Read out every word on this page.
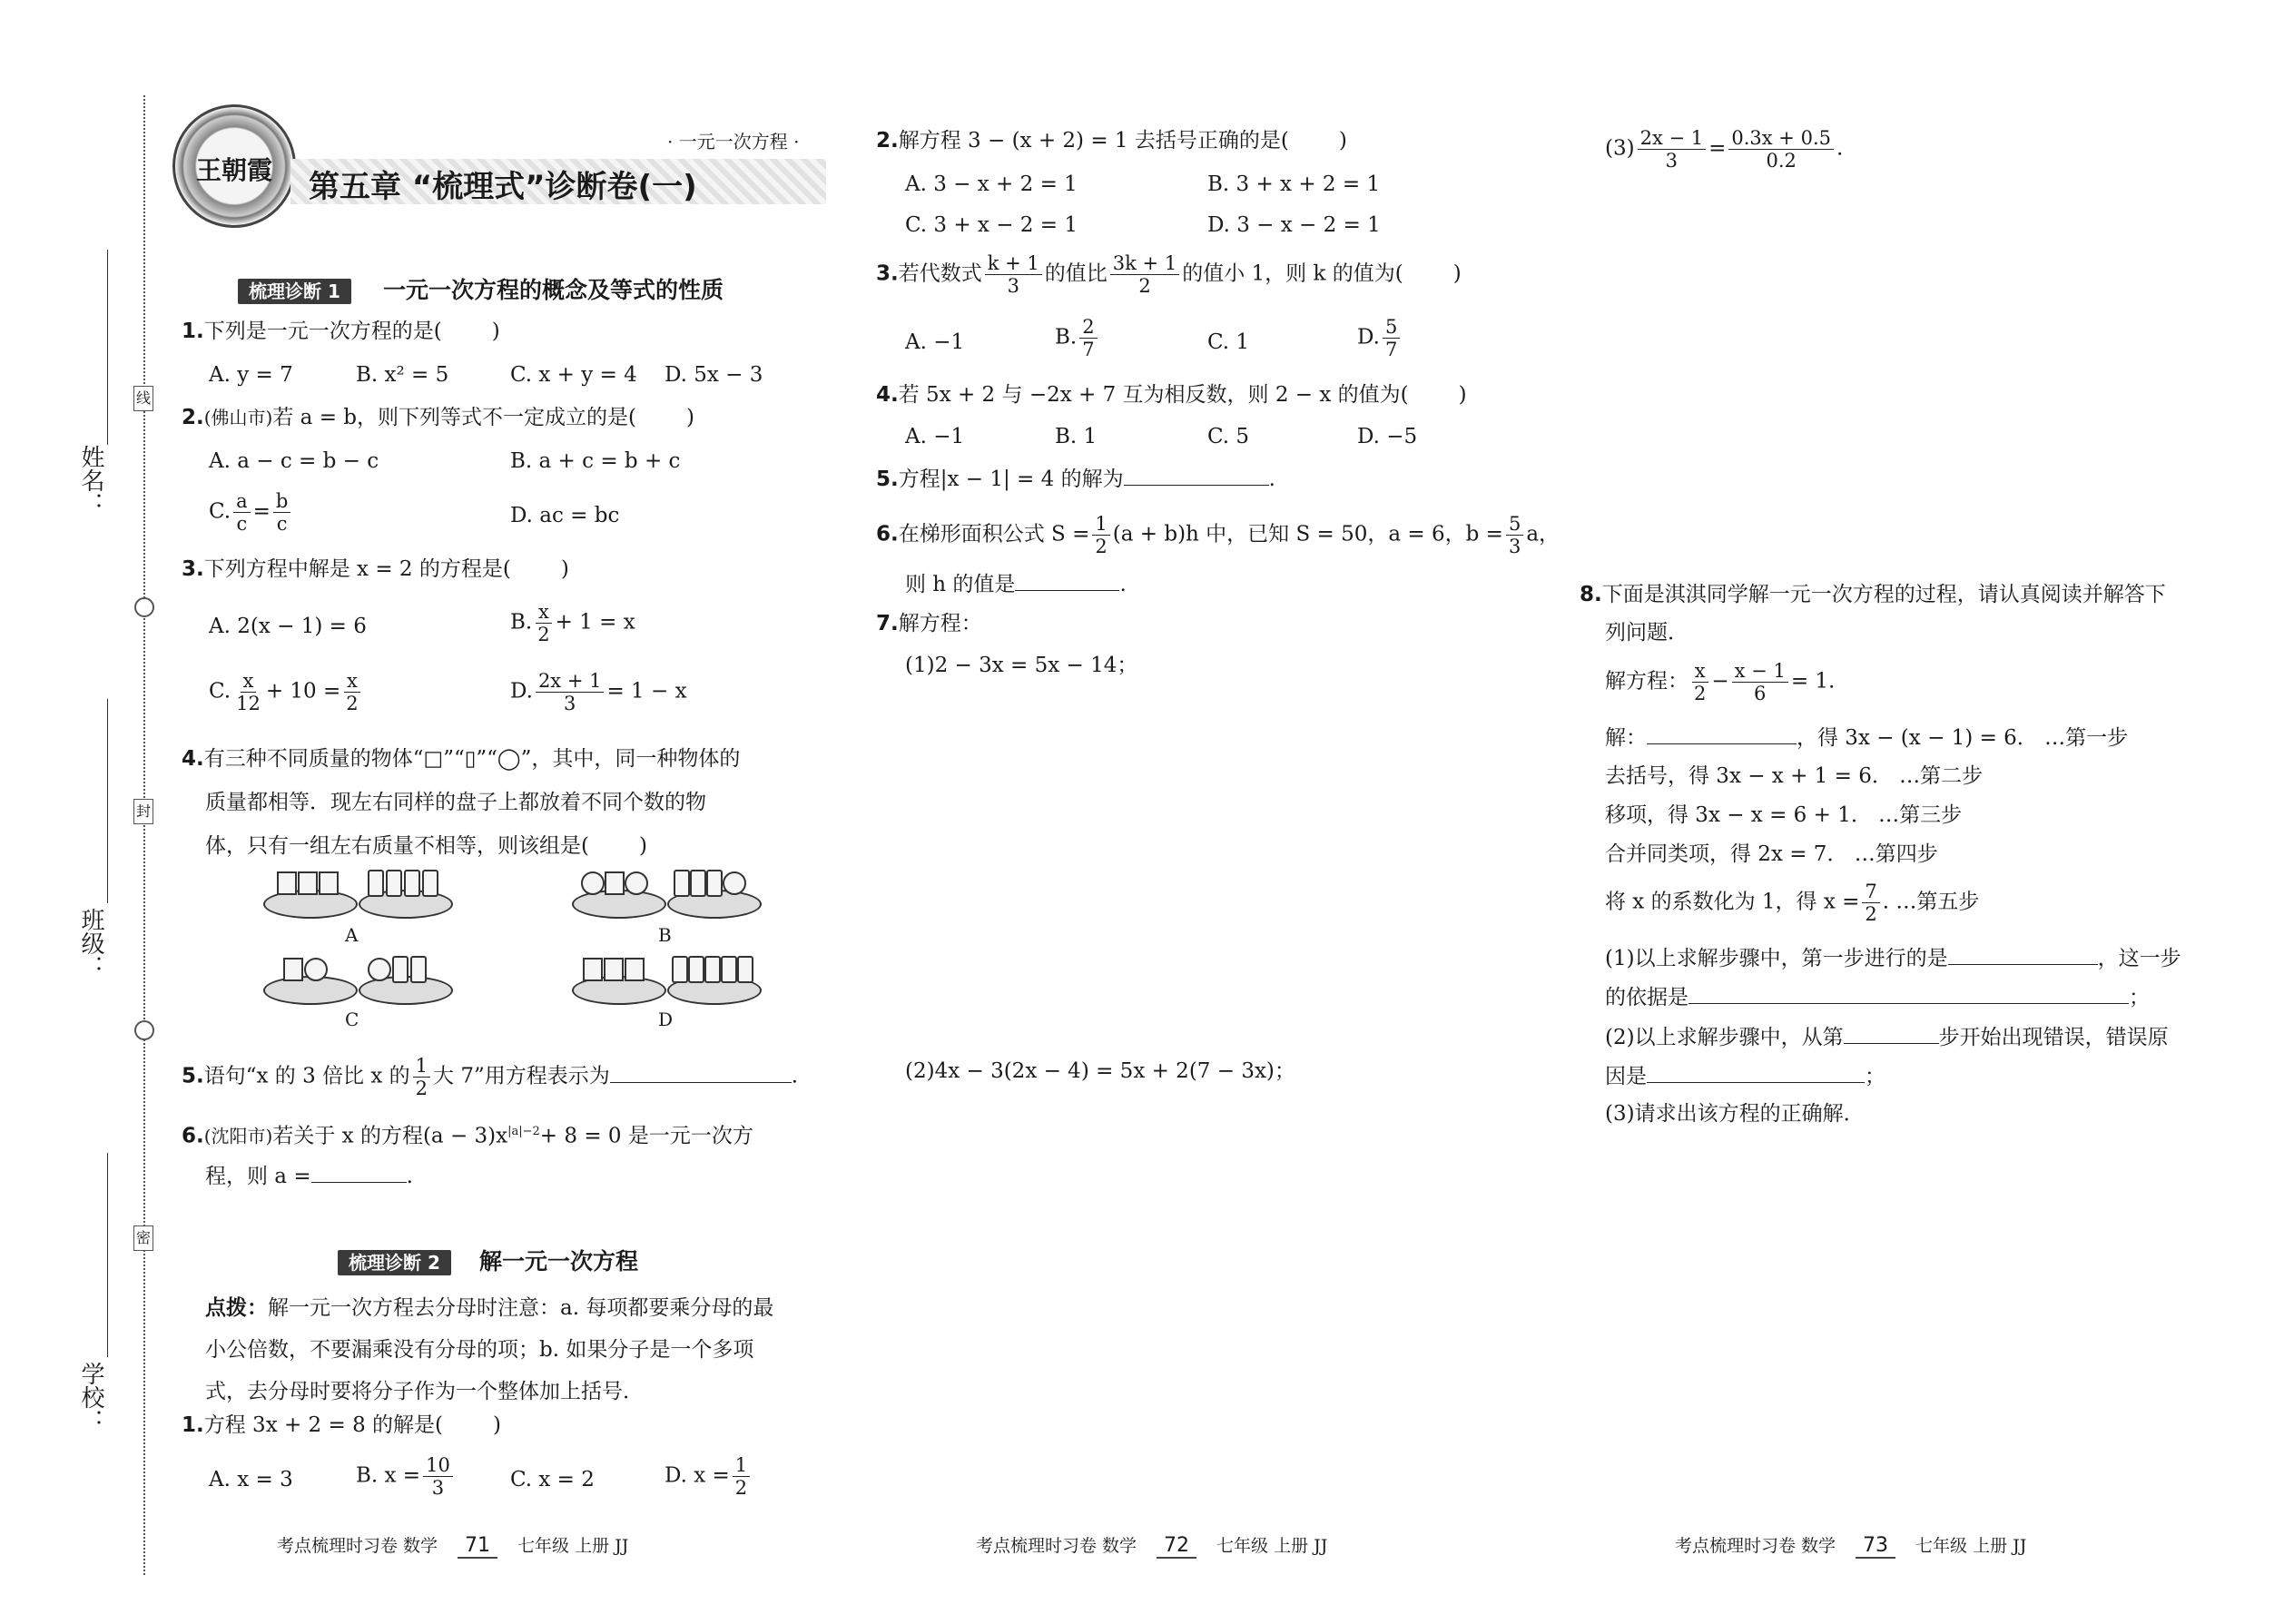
姓名：
班级：
学校：
线
封
密
王朝霞
· 一元一次方程 ·
第五章 “梳理式”诊断卷(一)
梳理诊断 1 一元一次方程的概念及等式的性质
1.下列是一元一次方程的是( )
A. y = 7	B. x² = 5	C. x + y = 4 D. 5x − 3
2.(佛山市)若 a = b，则下列等式不一定成立的是( )
A. a − c = b − c	B. a + c = b + c
C. $\frac{a}{c} = \frac{b}{c}$	D. ac = bc
3.下列方程中解是 x = 2 的方程是( )
A. 2(x − 1) = 6	B. $\frac{x}{2} + 1 = x$
C. $\frac{x}{12} + 10 = \frac{x}{2}$	D. $\frac{2x + 1}{3} = 1 - x$
4.有三种不同质量的物体“□”“▯”“◯”，其中，同一种物体的
质量都相等．现左右同样的盘子上都放着不同个数的物
体，只有一组左右质量不相等，则该组是( )
A	B
C	D
5.语句“x 的 3 倍比 x 的 $\frac{1}{2}$ 大 7”用方程表示为	.
6.(沈阳市)若关于 x 的方程$(a - 3)x^{|a|-2}+ 8 = 0$ 是一元一次方
程，则 a =	.
梳理诊断 2 解一元一次方程
点拨：解一元一次方程去分母时注意：a. 每项都要乘分母的最
小公倍数，不要漏乘没有分母的项；b. 如果分子是一个多项
式，去分母时要将分子作为一个整体加上括号．
1.方程 3x + 2 = 8 的解是( )
A. x = 3	B. $x = \frac{10}{3}$	C. x = 2	D. $x = \frac{1}{2}$
2.解方程 3 − (x + 2) = 1 去括号正确的是( )
A. 3 − x + 2 = 1	B. 3 + x + 2 = 1
C. 3 + x − 2 = 1	D. 3 − x − 2 = 1
3.若代数式 $\frac{k + 1}{3}$ 的值比 $\frac{3k + 1}{2}$ 的值小 1，则 k 的值为( )
A. −1	B. $\frac{2}{7}$	C. 1	D. $\frac{5}{7}$
4.若 5x + 2 与 −2x + 7 互为相反数，则 2 − x 的值为( )
A. −1	B. 1	C. 5	D. −5
5.方程|x − 1| = 4 的解为	.
6.在梯形面积公式 $S = \frac{1}{2} (a + b)h$ 中，已知 S = 50，a = 6，$b = \frac{5}{3}$ a，
则 h 的值是	.
7.解方程：
(1)2 − 3x = 5x − 14；
(2)4x − 3(2x − 4) = 5x + 2(7 − 3x)；
$(3) \frac{2x - 1}{3} = \frac{0.3x + 0.5}{0.2}$ .
8.下面是淇淇同学解一元一次方程的过程，请认真阅读并解答下
列问题．
解方程： $\frac{x}{2} - \frac{x - 1}{6} = 1$.
解：	，得 3x − (x − 1) = 6． …第一步
去括号，得 3x − x + 1 = 6． …第二步
移项，得 3x − x = 6 + 1． …第三步
合并同类项，得 2x = 7． …第四步
将 x 的系数化为 1，得 $x = \frac{7}{2}$ . …第五步
(1)以上求解步骤中，第一步进行的是	，这一步
的依据是	；
(2)以上求解步骤中，从第	步开始出现错误，错误原
因是	；
(3)请求出该方程的正确解．
考点梳理时习卷 数学 71 七年级 上册 JJ	考点梳理时习卷 数学 72 七年级 上册 JJ	考点梳理时习卷 数学 73 七年级 上册 JJ
